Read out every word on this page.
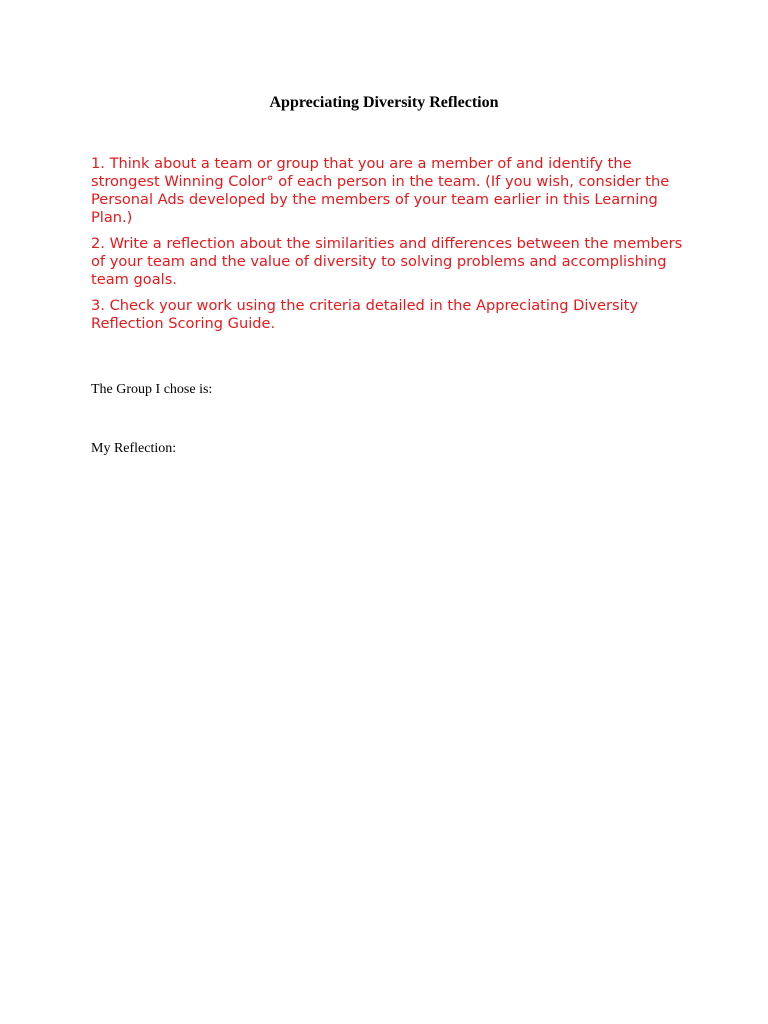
Appreciating Diversity Reflection

1. Think about a team or group that you are a member of and identify the strongest Winning Color° of each person in the team. (If you wish, consider the Personal Ads developed by the members of your team earlier in this Learning Plan.)

2. Write a reflection about the similarities and differences between the members of your team and the value of diversity to solving problems and accomplishing team goals.

3. Check your work using the criteria detailed in the Appreciating Diversity Reflection Scoring Guide.

The Group I chose is:
My Reflection:
